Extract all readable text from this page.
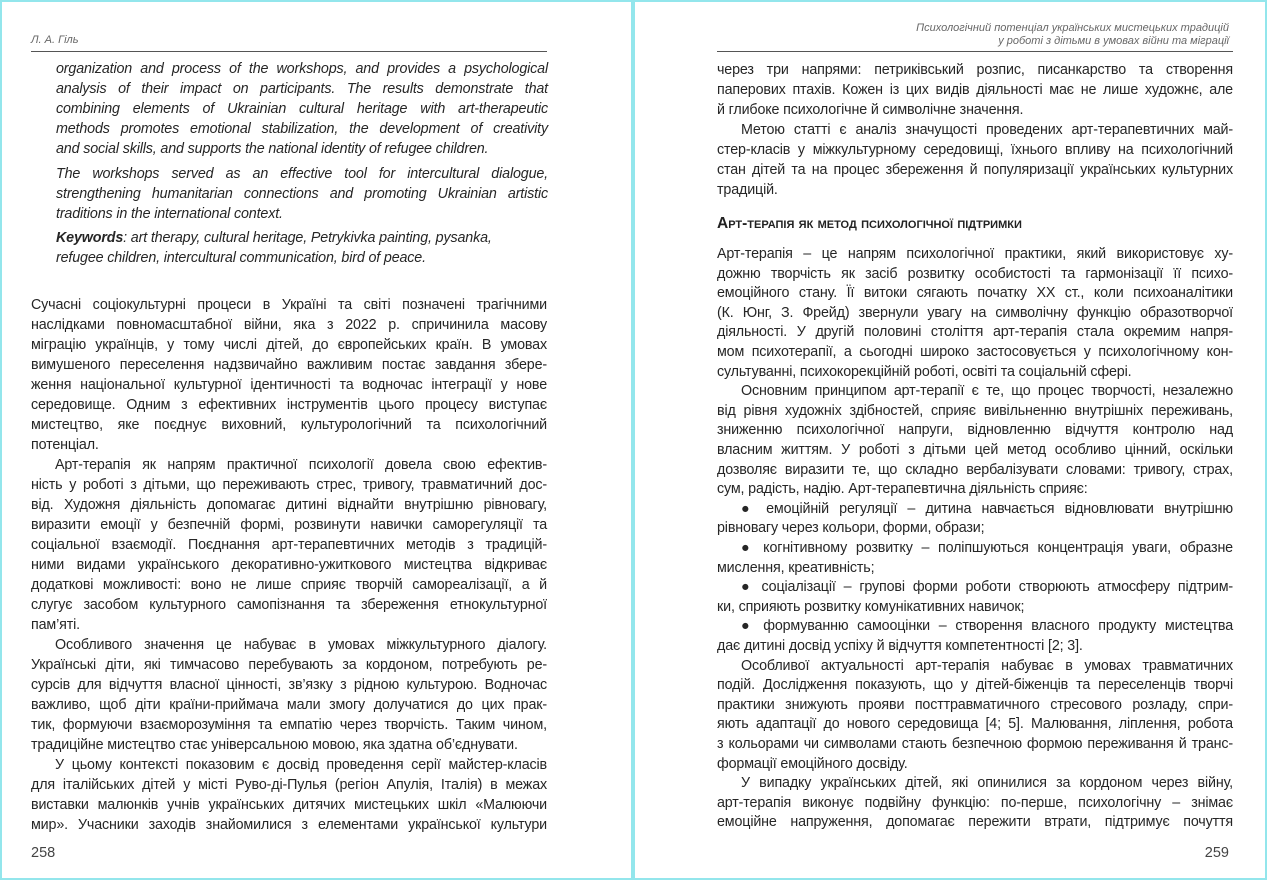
Л. А. Гіль
organization and process of the workshops, and provides a psychological
analysis of their impact on participants. The results demonstrate that
combining elements of Ukrainian cultural heritage with art-therapeutic
methods promotes emotional stabilization, the development of creativity
and social skills, and supports the national identity of refugee children.
The workshops served as an effective tool for intercultural dialogue,
strengthening humanitarian connections and promoting Ukrainian artistic
traditions in the international context.
Keywords: art therapy, cultural heritage, Petrykivka painting, pysanka,
refugee children, intercultural communication, bird of peace.
Сучасні соціокультурні процеси в Україні та світі позначені трагічними
наслідками повномасштабної війни, яка з 2022 р. спричинила масову
міграцію українців, у тому числі дітей, до європейських країн. В умовах
вимушеного переселення надзвичайно важливим постає завдання збере-
ження національної культурної ідентичності та водночас інтеграції у нове
середовище. Одним з ефективних інструментів цього процесу виступає
мистецтво, яке поєднує виховний, культурологічний та психологічний
потенціал.
Арт-терапія як напрям практичної психології довела свою ефектив-
ність у роботі з дітьми, що переживають стрес, тривогу, травматичний дос-
від. Художня діяльність допомагає дитині віднайти внутрішню рівновагу,
виразити емоції у безпечній формі, розвинути навички саморегуляції та
соціальної взаємодії. Поєднання арт-терапевтичних методів з традицій-
ними видами українського декоративно-ужиткового мистецтва відкриває
додаткові можливості: воно не лише сприяє творчій самореалізації, а й
слугує засобом культурного самопізнання та збереження етнокультурної
пам’яті.
Особливого значення це набуває в умовах міжкультурного діалогу.
Українські діти, які тимчасово перебувають за кордоном, потребують ре-
сурсів для відчуття власної цінності, зв’язку з рідною культурою. Водночас
важливо, щоб діти країни-приймача мали змогу долучатися до цих прак-
тик, формуючи взаєморозуміння та емпатію через творчість. Таким чином,
традиційне мистецтво стає універсальною мовою, яка здатна об’єднувати.
У цьому контексті показовим є досвід проведення серії майстер-класів
для італійських дітей у місті Руво-ді-Пулья (регіон Апулія, Італія) в межах
виставки малюнків учнів українських дитячих мистецьких шкіл «Малюючи
мир». Учасники заходів знайомилися з елементами української культури
258
Психологічний потенціал українських мистецьких традицій
у роботі з дітьми в умовах війни та міграції
через три напрями: петриківський розпис, писанкарство та створення
паперових птахів. Кожен із цих видів діяльності має не лише художнє, але
й глибоке психологічне й символічне значення.
Метою статті є аналіз значущості проведених арт-терапевтичних май-
стер-класів у міжкультурному середовищі, їхнього впливу на психологічний
стан дітей та на процес збереження й популяризації українських культурних
традицій.
Арт-терапія як метод психологічної підтримки
Арт-терапія – це напрям психологічної практики, який використовує ху-
дожню творчість як засіб розвитку особистості та гармонізації її психо-
емоційного стану. Її витоки сягають початку XX ст., коли психоаналітики
(К. Юнг, З. Фрейд) звернули увагу на символічну функцію образотворчої
діяльності. У другій половині століття арт-терапія стала окремим напря-
мом психотерапії, а сьогодні широко застосовується у психологічному кон-
сультуванні, психокорекційній роботі, освіті та соціальній сфері.
Основним принципом арт-терапії є те, що процес творчості, незалежно
від рівня художніх здібностей, сприяє вивільненню внутрішніх переживань,
зниженню психологічної напруги, відновленню відчуття контролю над
власним життям. У роботі з дітьми цей метод особливо цінний, оскільки
дозволяє виразити те, що складно вербалізувати словами: тривогу, страх,
сум, радість, надію. Арт-терапевтична діяльність сприяє:
● емоційній регуляції – дитина навчається відновлювати внутрішню
рівновагу через кольори, форми, образи;
● когнітивному розвитку – поліпшуються концентрація уваги, образне
мислення, креативність;
● соціалізації – групові форми роботи створюють атмосферу підтрим-
ки, сприяють розвитку комунікативних навичок;
● формуванню самооцінки – створення власного продукту мистецтва
дає дитині досвід успіху й відчуття компетентності [2; 3].
Особливої актуальності арт-терапія набуває в умовах травматичних
подій. Дослідження показують, що у дітей-біженців та переселенців творчі
практики знижують прояви посттравматичного стресового розладу, спри-
яють адаптації до нового середовища [4; 5]. Малювання, ліплення, робота
з кольорами чи символами стають безпечною формою переживання й транс-
формації емоційного досвіду.
У випадку українських дітей, які опинилися за кордоном через війну,
арт-терапія виконує подвійну функцію: по-перше, психологічну – знімає
емоційне напруження, допомагає пережити втрати, підтримує почуття
259
